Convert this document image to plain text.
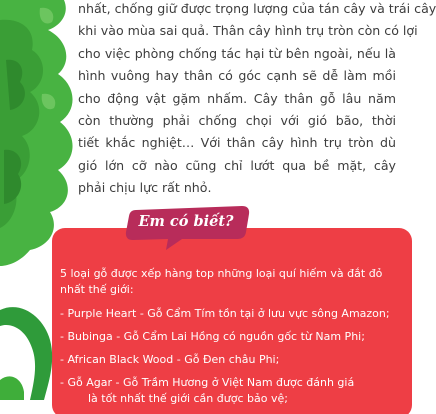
nhất, chống giữ được trọng lượng của tán cây và trái cây
khi vào mùa sai quả. Thân cây hình trụ tròn còn có lợi
cho việc phòng chống tác hại từ bên ngoài, nếu là
hình vuông hay thân có góc cạnh sẽ dễ làm mồi
cho động vật gặm nhấm. Cây thân gỗ lâu năm
còn thường phải chống chọi với gió bão, thời
tiết khắc nghiệt… Với thân cây hình trụ tròn dù
gió lớn cỡ nào cũng chỉ lướt qua bề mặt, cây
phải chịu lực rất nhỏ.
Em có biết?

5 loại gỗ được xếp hàng top những loại quí hiếm và đắt đỏ
nhất thế giới:

- Purple Heart - Gỗ Cẩm Tím tồn tại ở lưu vực sông Amazon;

- Bubinga - Gỗ Cẩm Lai Hồng có nguồn gốc từ Nam Phi;

- African Black Wood - Gỗ Đen châu Phi;

- Gỗ Agar - Gỗ Trầm Hương ở Việt Nam được đánh giá
là tốt nhất thế giới cần được bảo vệ;
